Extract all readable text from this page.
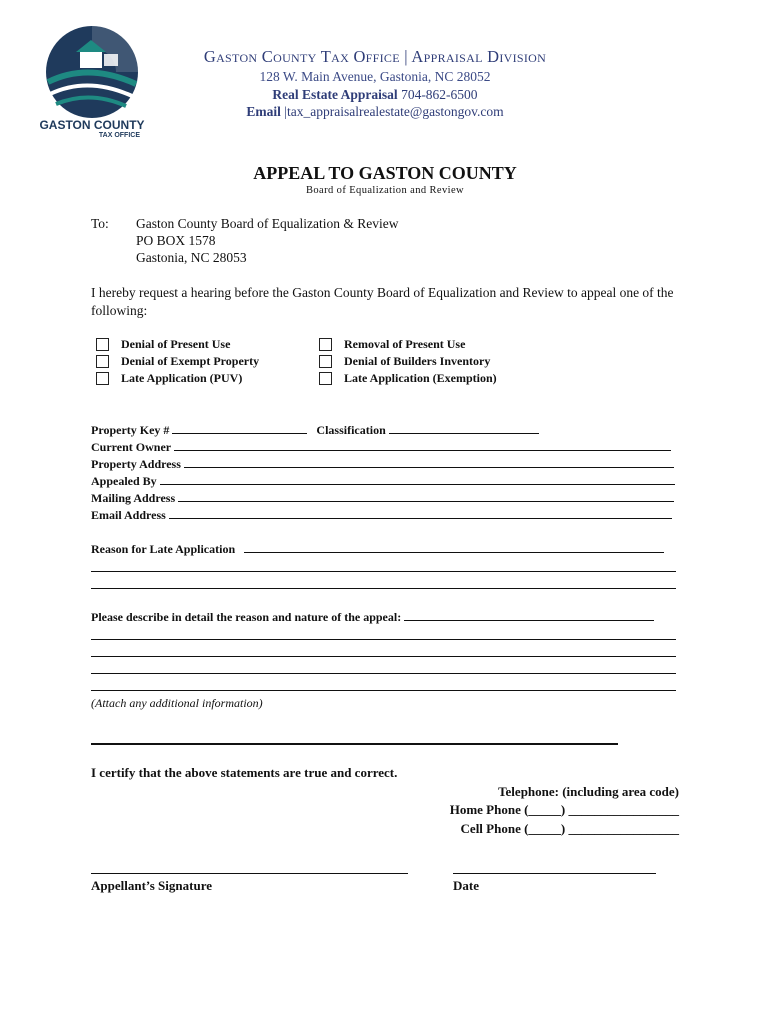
GASTON COUNTY
TAX OFFICE
Gaston County Tax Office | Appraisal Division
128 W. Main Avenue, Gastonia, NC 28052
Real Estate Appraisal 704-862-6500
Email |tax_appraisalrealestate@gastongov.com
APPEAL TO GASTON COUNTY
Board of Equalization and Review
To: Gaston County Board of Equalization & Review
PO BOX 1578
Gastonia, NC 28053
I hereby request a hearing before the Gaston County Board of Equalization and Review to appeal one of the following:
Denial of Present Use
Denial of Exempt Property
Late Application (PUV)
Removal of Present Use
Denial of Builders Inventory
Late Application (Exemption)
Property Key #	Classification
Current Owner
Property Address
Appealed By
Mailing Address
Email Address
Reason for Late Application
Please describe in detail the reason and nature of the appeal:
(Attach any additional information)
I certify that the above statements are true and correct.
Telephone: (including area code)
Home Phone (_____) _________________
Cell Phone (_____) _________________
Appellant’s Signature	Date
